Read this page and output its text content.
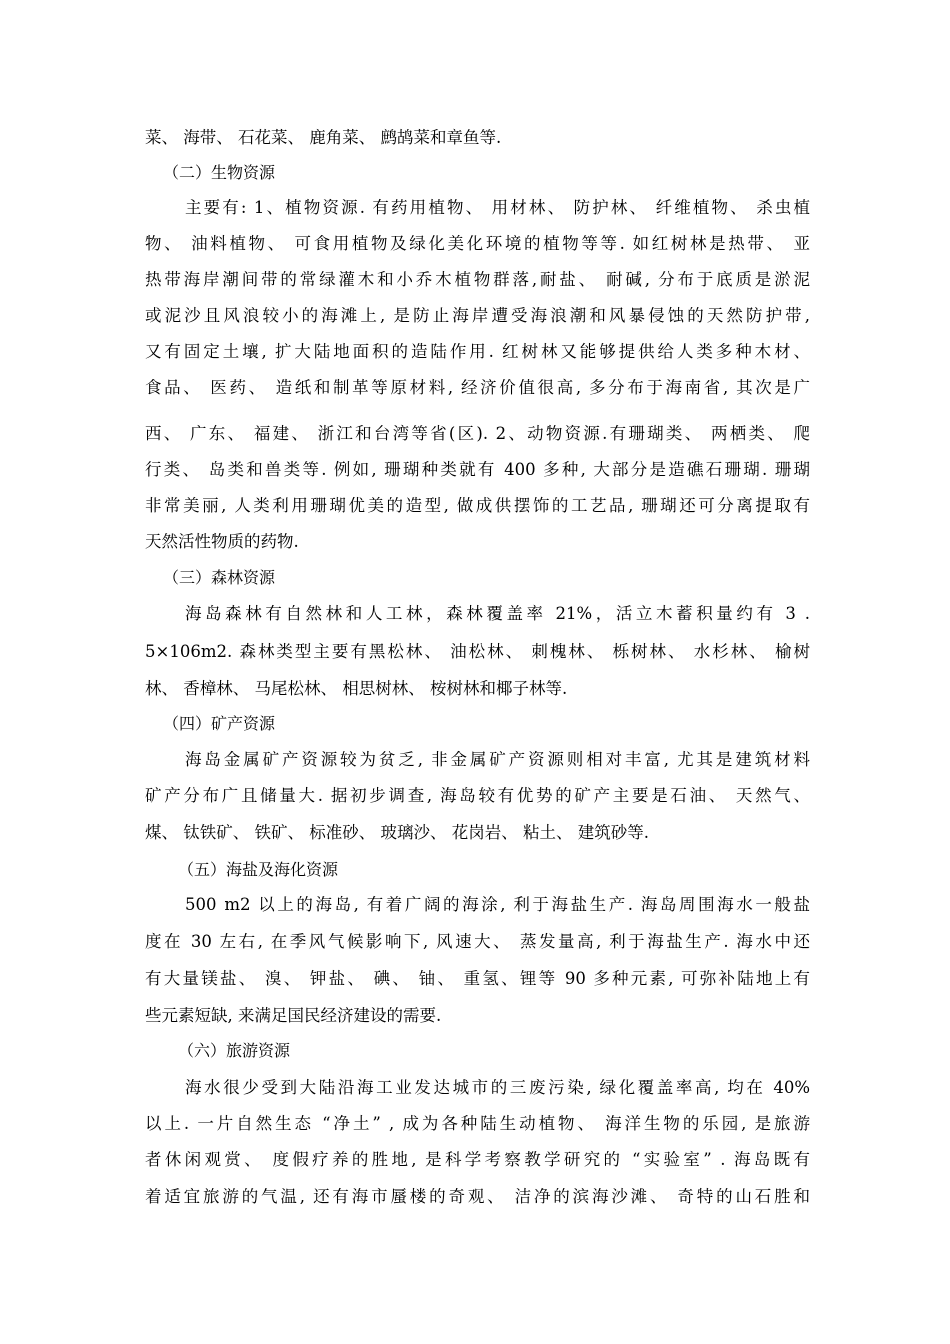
菜、 海带、 石花菜、 鹿角菜、 鹧鸪菜和章鱼等.
（二）生物资源
主要有: 1、植物资源. 有药用植物、 用材林、 防护林、 纤维植物、 杀虫植
物、 油料植物、 可食用植物及绿化美化环境的植物等等. 如红树林是热带、 亚
热带海岸潮间带的常绿灌木和小乔木植物群落,耐盐、 耐碱, 分布于底质是淤泥
或泥沙且风浪较小的海滩上, 是防止海岸遭受海浪潮和风暴侵蚀的天然防护带,
又有固定土壤, 扩大陆地面积的造陆作用. 红树林又能够提供给人类多种木材、
食品、 医药、 造纸和制革等原材料, 经济价值很高, 多分布于海南省, 其次是广
西、 广东、 福建、 浙江和台湾等省(区). 2、动物资源.有珊瑚类、 两栖类、 爬
行类、 岛类和兽类等. 例如, 珊瑚种类就有 400 多种, 大部分是造礁石珊瑚. 珊瑚
非常美丽, 人类利用珊瑚优美的造型, 做成供摆饰的工艺品, 珊瑚还可分离提取有
天然活性物质的药物.
（三）森林资源
海岛森林有自然林和人工林，森林覆盖率 21%，活立木蓄积量约有 3 .
5×106m2. 森林类型主要有黑松林、 油松林、 刺槐林、 栎树林、 水杉林、 榆树
林、 香樟林、 马尾松林、 相思树林、 桉树林和椰子林等.
（四）矿产资源
海岛金属矿产资源较为贫乏, 非金属矿产资源则相对丰富, 尤其是建筑材料
矿产分布广且储量大. 据初步调查, 海岛较有优势的矿产主要是石油、 天然气、
煤、 钛铁矿、 铁矿、 标准砂、 玻璃沙、 花岗岩、 粘土、 建筑砂等.
（五）海盐及海化资源
500 m2 以上的海岛, 有着广阔的海涂, 利于海盐生产. 海岛周围海水一般盐
度在 30 左右, 在季风气候影响下, 风速大、 蒸发量高, 利于海盐生产. 海水中还
有大量镁盐、 溴、 钾盐、 碘、 铀、 重氢、锂等 90 多种元素, 可弥补陆地上有
些元素短缺, 来满足国民经济建设的需要.
（六）旅游资源
海水很少受到大陆沿海工业发达城市的三废污染, 绿化覆盖率高, 均在 40%
以上. 一片自然生态 “净土” , 成为各种陆生动植物、 海洋生物的乐园, 是旅游
者休闲观赏、 度假疗养的胜地, 是科学考察教学研究的 “实验室” . 海岛既有
着适宜旅游的气温, 还有海市蜃楼的奇观、 洁净的滨海沙滩、 奇特的山石胜和
